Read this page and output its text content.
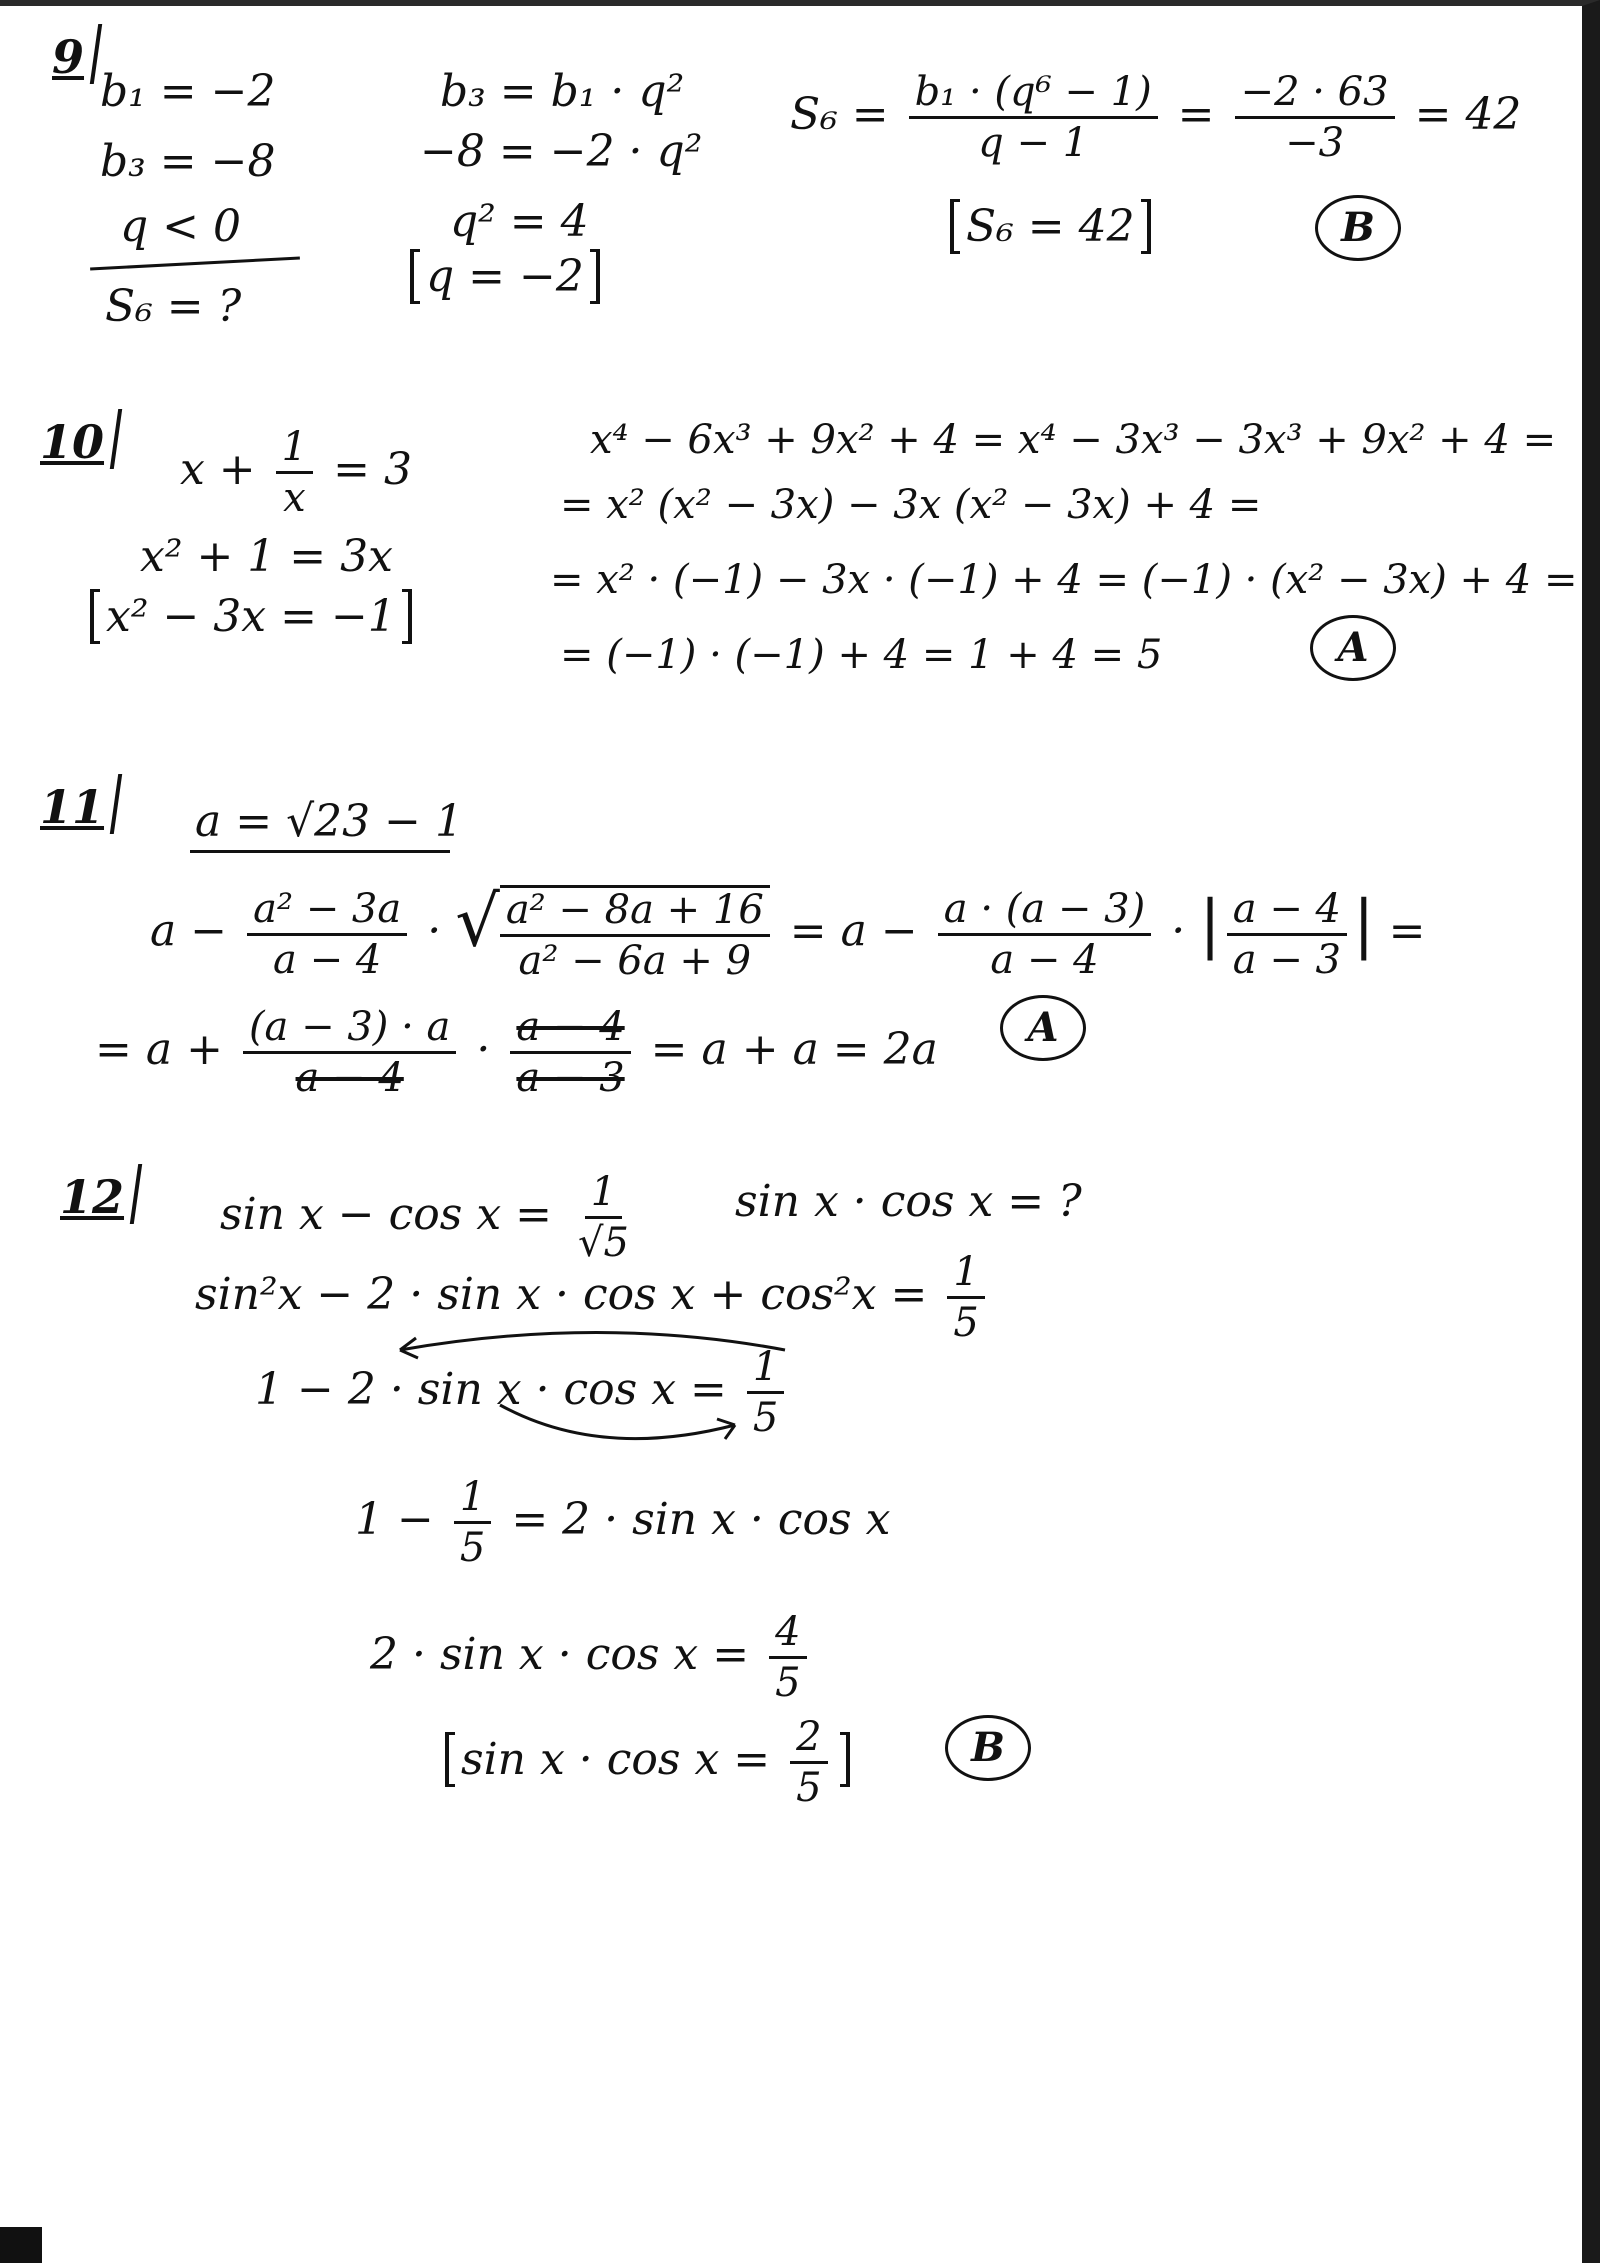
9
b₁ = −2
b₃ = −8
q < 0
S₆ = ?
b₃ = b₁ · q²
−8 = −2 · q²
q² = 4
q = −2
$S_6 = \frac{\text{b₁ · (q⁶ − 1)}}{q - 1} = \frac{-2 \cdot 63}{-3} = 42$
S₆ = 42	B
10
$x + \frac{1}{x} = 3$
x² + 1 = 3x
x² − 3x = −1
x⁴ − 6x³ + 9x² + 4 = x⁴ − 3x³ − 3x³ + 9x² + 4 =
= x² (x² − 3x) − 3x (x² − 3x) + 4 =
= x² · (−1) − 3x · (−1) + 4 = (−1) · (x² − 3x) + 4 =
= (−1) · (−1) + 4 = 1 + 4 = 5	A
11 a = √23 − 1
$a - \frac{\text{a² − 3a}}{a - 4}$ · √ $\frac{\text{a² − 8a + 16}}{\text{a² − 6a + 9}} = a - \frac{a \cdot (a - 3)}{a - 4}$ · | $\frac{a - 4}{a - 3}$ | =
= $a + \frac{(a - 3) \cdot a}{a - 4} \cdot \frac{a - 4}{a - 3} = a + a = 2a$	A
12 $\sin x - \cos x = \frac{1}{√5}$ sin x · cos x = ?
$\sin^2x - 2 \cdot \sin x \cdot \cos x + \cos^2x = \frac{1}{5}$
$1 - 2 \cdot \sin x \cdot \cos x = \frac{1}{5}$
$1 - \frac{1}{5} = 2 \cdot \sin x \cdot \cos x$
$2 \cdot \sin x \cdot \cos x = \frac{4}{5}$
$\sin x \cdot \cos x = \frac{2}{5}$	B
